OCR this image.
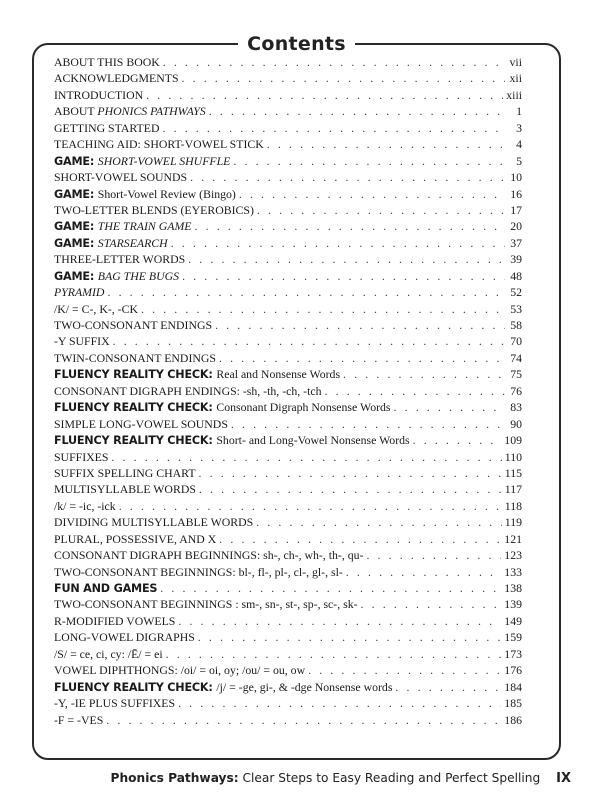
Contents
ABOUT THIS BOOK . . .	vii
ACKNOWLEDGMENTS . . .	xii
INTRODUCTION . . .	xiii
ABOUT PHONICS PATHWAYS . . .	1
GETTING STARTED . . .	3
TEACHING AID: SHORT-VOWEL STICK . . .	4
GAME: SHORT-VOWEL SHUFFLE . . .	5
SHORT-VOWEL SOUNDS . . .	10
GAME: Short-Vowel Review (Bingo) . . .	16
TWO-LETTER BLENDS (EYEROBICS) . . .	17
GAME: THE TRAIN GAME . . .	20
GAME: STARSEARCH . . .	37
THREE-LETTER WORDS . . .	39
GAME: BAG THE BUGS . . .	48
PYRAMID . . .	52
/K/ = C-, K-, -CK . . .	53
TWO-CONSONANT ENDINGS . . .	58
-Y SUFFIX . . .	70
TWIN-CONSONANT ENDINGS . . .	74
FLUENCY REALITY CHECK: Real and Nonsense Words . . .	75
CONSONANT DIGRAPH ENDINGS: -sh, -th, -ch, -tch . . .	76
FLUENCY REALITY CHECK: Consonant Digraph Nonsense Words . . .	83
SIMPLE LONG-VOWEL SOUNDS . . .	90
FLUENCY REALITY CHECK: Short- and Long-Vowel Nonsense Words . . .	109
SUFFIXES . . .	110
SUFFIX SPELLING CHART . . .	115
MULTISYLLABLE WORDS . . .	117
/k/ = -ic, -ick . . .	118
DIVIDING MULTISYLLABLE WORDS . . .	119
PLURAL, POSSESSIVE, AND X . . .	121
CONSONANT DIGRAPH BEGINNINGS: sh-, ch-, wh-, th-, qu- . . .	123
TWO-CONSONANT BEGINNINGS: bl-, fl-, pl-, cl-, gl-, sl- . . .	133
FUN AND GAMES . . .	138
TWO-CONSONANT BEGINNINGS : sm-, sn-, st-, sp-, sc-, sk- . . .	139
R-MODIFIED VOWELS . . .	149
LONG-VOWEL DIGRAPHS . . .	159
/S/ = ce, ci, cy: /Ē/ = ei . . .	173
VOWEL DIPHTHONGS: /oi/ = oi, oy; /ou/ = ou, ow . . .	176
FLUENCY REALITY CHECK: /j/ = -ge, gi-, & -dge Nonsense words . . .	184
-Y, -IE PLUS SUFFIXES . . .	185
-F = -VES . . .	186
Phonics Pathways: Clear Steps to Easy Reading and Perfect Spelling IX
